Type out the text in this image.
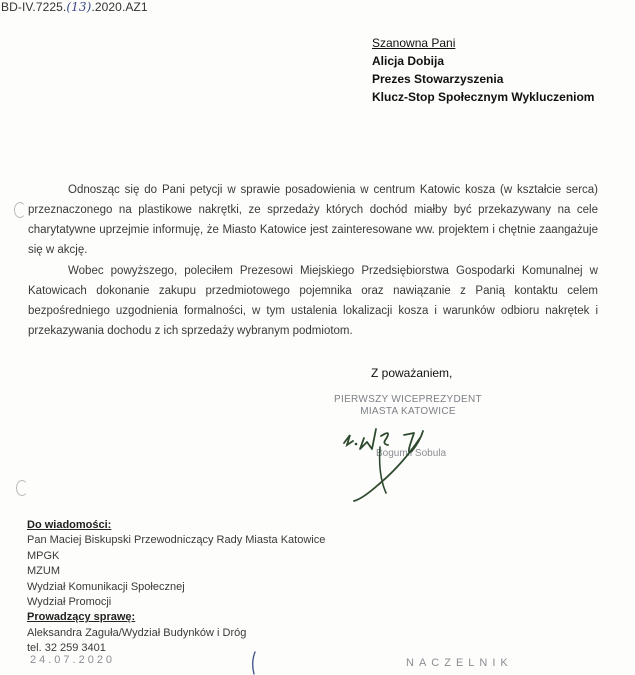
BD-IV.7225.(13).2020.AZ1
Szanowna Pani
Alicja Dobija
Prezes Stowarzyszenia
Klucz-Stop Społecznym Wykluczeniom
Odnosząc się do Pani petycji w sprawie posadowienia w centrum Katowic kosza (w kształcie serca) przeznaczonego na plastikowe nakrętki, ze sprzedaży których dochód miałby być przekazywany na cele charytatywne uprzejmie informuję, że Miasto Katowice jest zainteresowane ww. projektem i chętnie zaangażuje się w akcję.
Wobec powyższego, poleciłem Prezesowi Miejskiego Przedsiębiorstwa Gospodarki Komunalnej w Katowicach dokonanie zakupu przedmiotowego pojemnika oraz nawiązanie z Panią kontaktu celem bezpośredniego uzgodnienia formalności, w tym ustalenia lokalizacji kosza i warunków odbioru nakrętek i przekazywania dochodu z ich sprzedaży wybranym podmiotom.
Z poważaniem,
PIERWSZY WICEPREZYDENT
MIASTA KATOWICE
Bogumił Sobula
Do wiadomości:
Pan Maciej Biskupski Przewodniczący Rady Miasta Katowice
MPGK
MZUM
Wydział Komunikacji Społecznej
Wydział Promocji
Prowadzący sprawę:
Aleksandra Zaguła/Wydział Budynków i Dróg
tel. 32 259 3401
24.07.2020	NACZELNIK
